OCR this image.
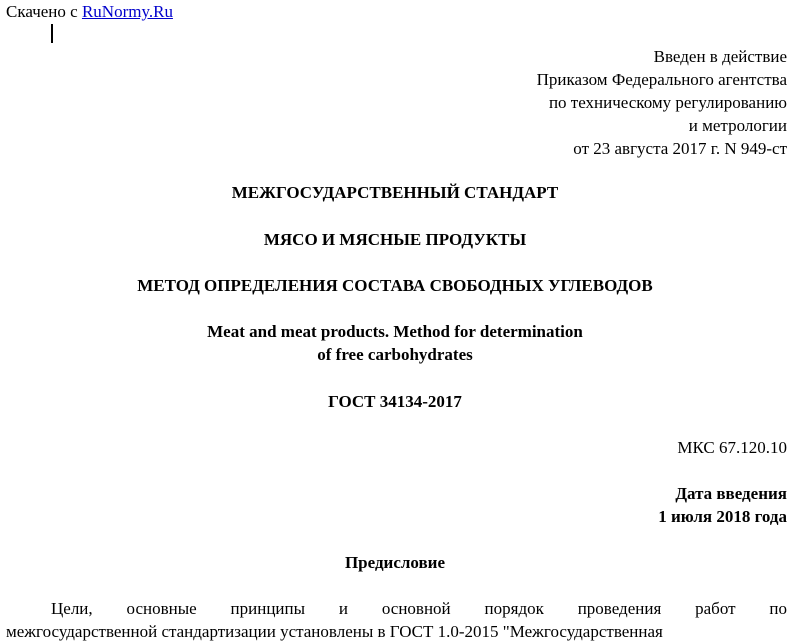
Скачено с RuNormy.Ru
Введен в действие
Приказом Федерального агентства
по техническому регулированию
и метрологии
от 23 августа 2017 г. N 949-ст
МЕЖГОСУДАРСТВЕННЫЙ СТАНДАРТ
МЯСО И МЯСНЫЕ ПРОДУКТЫ
МЕТОД ОПРЕДЕЛЕНИЯ СОСТАВА СВОБОДНЫХ УГЛЕВОДОВ
Meat and meat products. Method for determination
of free carbohydrates
ГОСТ 34134-2017
МКС 67.120.10
Дата введения
1 июля 2018 года
Предисловие
Цели, основные принципы и основной порядок проведения работ по
межгосударственной стандартизации установлены в ГОСТ 1.0-2015 "Межгосударственная
